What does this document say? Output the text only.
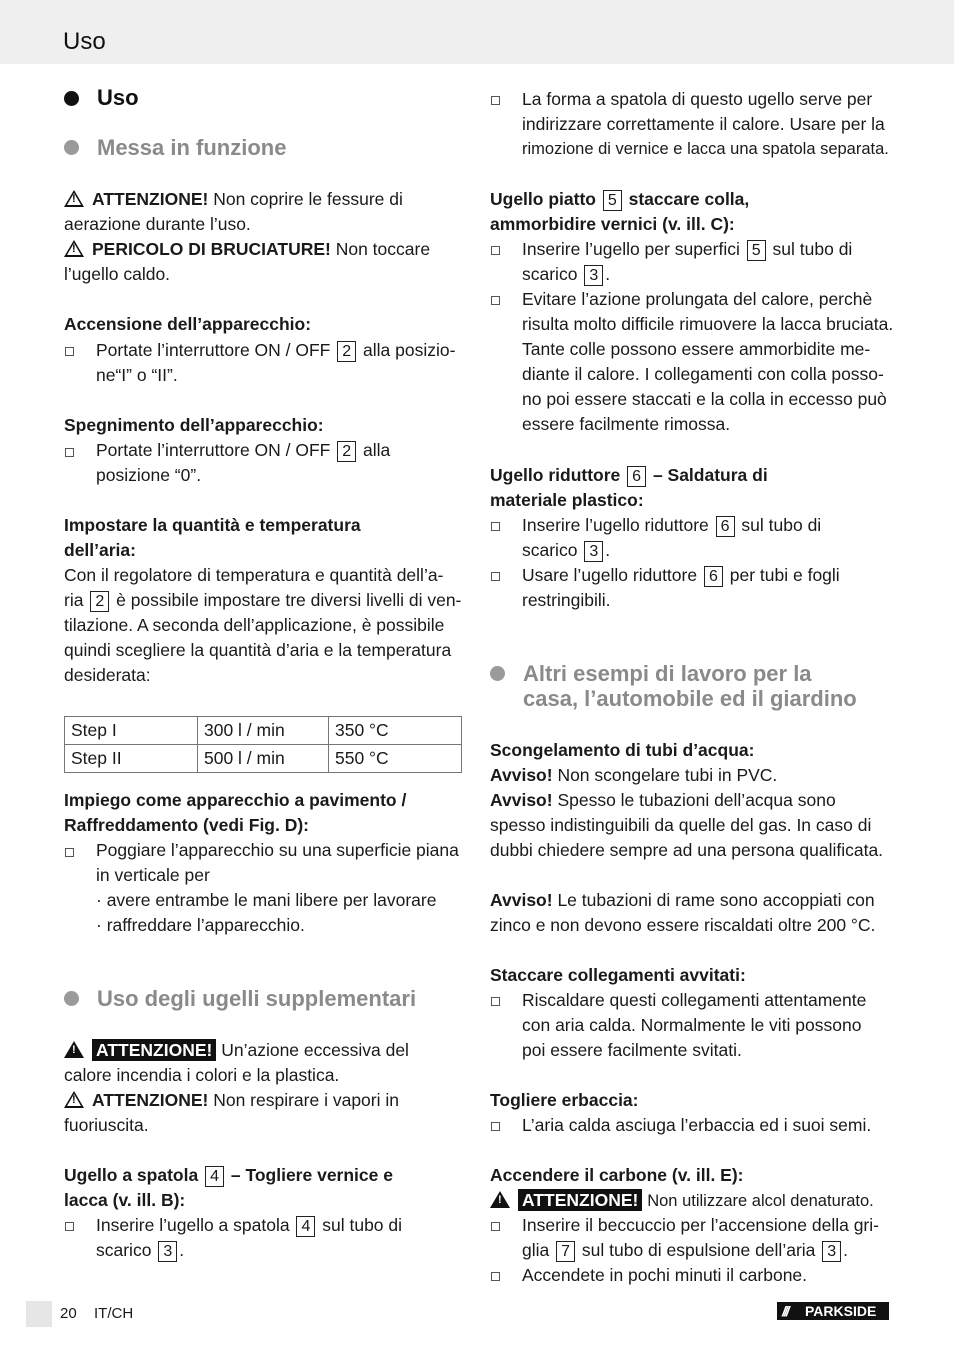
Uso
Uso
Messa in funzione
! ATTENZIONE! Non coprire le fessure di
aerazione durante l’uso.
! PERICOLO DI BRUCIATURE! Non toccare
l’ugello caldo.
Accensione dell’apparecchio:
Portate l’interruttore ON / OFF 2 alla posizio-
ne“I” o “II”.
Spegnimento dell’apparecchio:
Portate l’interruttore ON / OFF 2 alla
posizione “0”.
Impostare la quantità e temperatura
dell’aria:
Con il regolatore di temperatura e quantità dell’a-
ria 2 è possibile impostare tre diversi livelli di ven-
tilazione. A seconda dell’applicazione, è possibile
quindi scegliere la quantità d’aria e la temperatura
desiderata:
Step I	300 l / min	350 °C
Step II	500 l / min	550 °C
Impiego come apparecchio a pavimento /
Raffreddamento (vedi Fig. D):
Poggiare l’apparecchio su una superficie piana
in verticale per
· avere entrambe le mani libere per lavorare
· raffreddare l’apparecchio.
Uso degli ugelli supplementari
! ATTENZIONE! Un’azione eccessiva del
calore incendia i colori e la plastica.
! ATTENZIONE! Non respirare i vapori in
fuoriuscita.
Ugello a spatola 4 – Togliere vernice e
lacca (v. ill. B):
Inserire l’ugello a spatola 4 sul tubo di
scarico 3 .
La forma a spatola di questo ugello serve per
indirizzare correttamente il calore. Usare per la
rimozione di vernice e lacca una spatola separata.
Ugello piatto 5 staccare colla,
ammorbidire vernici (v. ill. C):
Inserire l’ugello per superfici 5 sul tubo di
scarico 3 .
Evitare l’azione prolungata del calore, perchè
risulta molto difficile rimuovere la lacca bruciata.
Tante colle possono essere ammorbidite me-
diante il calore. I collegamenti con colla posso-
no poi essere staccati e la colla in eccesso può
essere facilmente rimossa.
Ugello riduttore 6 – Saldatura di
materiale plastico:
Inserire l’ugello riduttore 6 sul tubo di
scarico 3 .
Usare l’ugello riduttore 6 per tubi e fogli
restringibili.
Altri esempi di lavoro per la
casa, l’automobile ed il giardino
Scongelamento di tubi d’acqua:
Avviso! Non scongelare tubi in PVC.
Avviso! Spesso le tubazioni dell’acqua sono
spesso indistinguibili da quelle del gas. In caso di
dubbi chiedere sempre ad una persona qualificata.
Avviso! Le tubazioni di rame sono accoppiati con
zinco e non devono essere riscaldati oltre 200 °C.
Staccare collegamenti avvitati:
Riscaldare questi collegamenti attentamente
con aria calda. Normalmente le viti possono
poi essere facilmente svitati.
Togliere erbaccia:
L’aria calda asciuga l’erbaccia ed i suoi semi.
Accendere il carbone (v. ill. E):
! ATTENZIONE! Non utilizzare alcol denaturato.
Inserire il beccuccio per l’accensione della gri-
glia 7 sul tubo di espulsione dell’aria 3 .
Accendete in pochi minuti il carbone.
20 IT/CH	/// PARKSIDE
